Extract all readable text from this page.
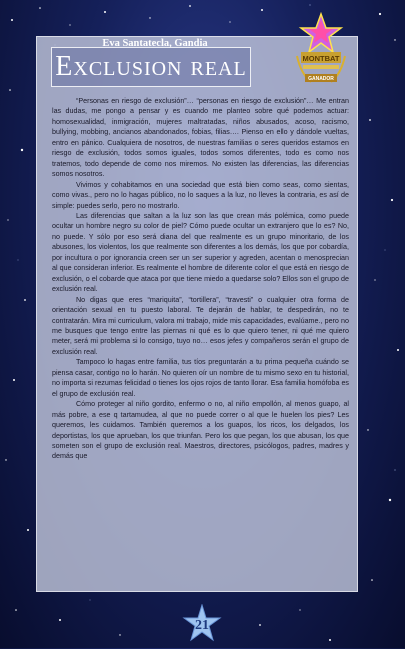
Eva Santatecla, Gandia
Exclusion real	MONTBAT
GANADOR

“Personas en riesgo de exclusión”… “personas en riesgo de exclusión”… Me entran las dudas, me pongo a pensar y es cuando me planteo sobre qué podemos actuar: homosexualidad, inmigración, mujeres maltratadas, niños abusados, acoso, racismo, bullying, mobbing, ancianos abandonados, fobias, filias…. Pienso en ello y dándole vueltas, entro en pánico. Cualquiera de nosotros, de nuestras familias o seres queridos estamos en riesgo de exclusión, todos somos iguales, todos somos diferentes, todo es como nos tratemos, todo depende de como nos miremos. No existen las diferencias, las diferencias somos nosotros.

Vivimos y cohabitamos en una sociedad que está bien como seas, como sientas, como vivas., pero no lo hagas público, no lo saques a la luz, no lleves la contraria, es así de simple: puedes serlo, pero no mostrarlo.

Las diferencias que saltan a la luz son las que crean más polémica, como puede ocultar un hombre negro su color de piel? Cómo puede ocultar un extranjero que lo es? No, no puede. Y sólo por eso será diana del que realmente es un grupo minoritario, de los abusones, los violentos, los que realmente son diferentes a los demás, los que por cobardía, por incultura o por ignorancia creen ser un ser superior y agreden, acentan o menosprecian al que consideran inferior. Es realmente el hombre de diferente color el que está en riesgo de exclusión, o el cobarde que ataca por que tiene miedo a quedarse solo? Ellos son el grupo de exclusión real.

No digas que eres “mariquita”, “tortillera”, “travesti” o cualquier otra forma de orientación sexual en tu puesto laboral. Te dejarán de hablar, te despedirán, no te contratarán. Mira mi curriculum, valora mi trabajo, mide mis capacidades, evalúame., pero no me busques que tengo entre las piernas ni qué es lo que quiero tener, ni qué me quiero meter, será mi problema si lo consigo, tuyo no… esos jefes y compañeros serán el grupo de exclusión real.

Tampoco lo hagas entre familia, tus tíos preguntarán a tu prima pequeña cuándo se piensa casar, contigo no lo harán. No quieren oír un nombre de tu mismo sexo en tu historial, no importa si rezumas felicidad o tienes los ojos rojos de tanto llorar. Esa familia homófoba es el grupo de exclusión real.

Cómo proteger al niño gordito, enfermo o no, al niño empollón, al menos guapo, al más pobre, a ese q tartamudea, al que no puede correr o al que le huelen los pies? Les queremos, les cuidamos. También queremos a los guapos, los ricos, los delgados, los deportistas, los que aprueban, los que triunfan. Pero los que pegan, los que abusan, los que someten son el grupo de exclusión real. Maestros, directores, psicólogos, padres, madres y demás que

21
